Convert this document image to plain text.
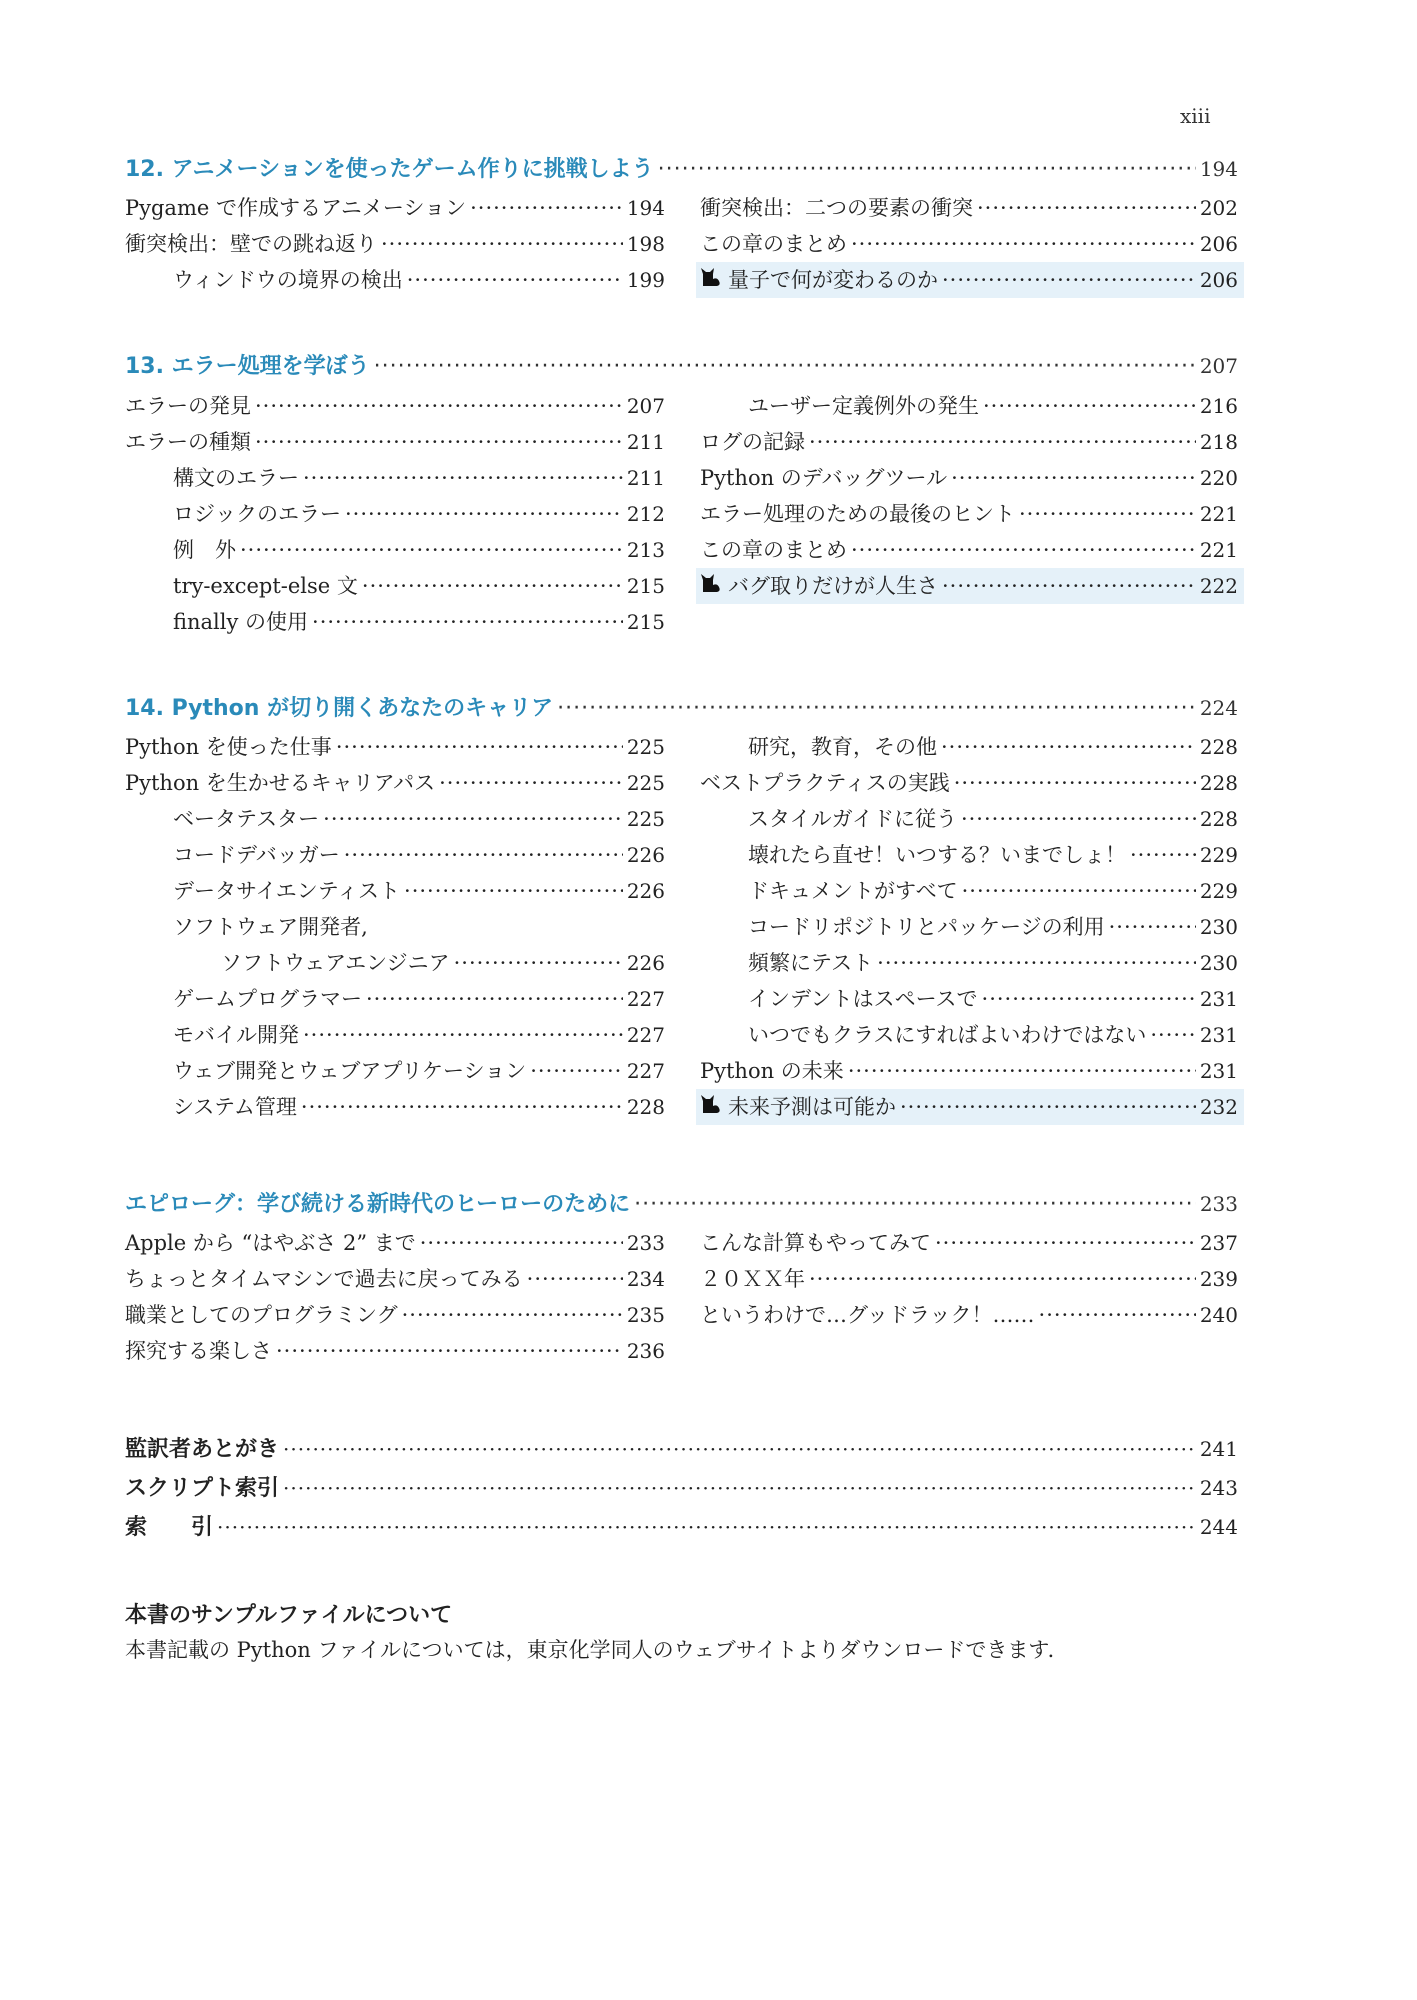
xiii
12. アニメーションを使ったゲーム作りに挑戦しよう ·····	194
Pygame で作成するアニメーション ·····	194
衝突検出：壁での跳ね返り ·····	198
ウィンドウの境界の検出 ·····	199
衝突検出：二つの要素の衝突 ·····	202
この章のまとめ ·····	206
量子で何が変わるのか ·····	206
13. エラー処理を学ぼう ·····	207
エラーの発見 ·····	207
エラーの種類 ·····	211
構文のエラー ·····	211
ロジックのエラー ·····	212
例　外 ·····	213
try-except-else 文 ·····	215
finally の使用 ·····	215
ユーザー定義例外の発生 ·····	216
ログの記録 ·····	218
Python のデバッグツール ·····	220
エラー処理のための最後のヒント ·····	221
この章のまとめ ·····	221
バグ取りだけが人生さ ·····	222
14. Python が切り開くあなたのキャリア ·····	224
Python を使った仕事 ·····	225
Python を生かせるキャリアパス ·····	225
ベータテスター ·····	225
コードデバッガー ·····	226
データサイエンティスト ·····	226
ソフトウェア開発者,
ソフトウェアエンジニア ·····	226
ゲームプログラマー ·····	227
モバイル開発 ·····	227
ウェブ開発とウェブアプリケーション ·····	227
システム管理 ·····	228
研究，教育，その他 ·····	228
ベストプラクティスの実践 ·····	228
スタイルガイドに従う ·····	228
壊れたら直せ！いつする？いまでしょ！ ·····	229
ドキュメントがすべて ·····	229
コードリポジトリとパッケージの利用 ·····	230
頻繁にテスト ·····	230
インデントはスペースで ·····	231
いつでもクラスにすればよいわけではない ·····	231
Python の未来 ·····	231
未来予測は可能か ·····	232
エピローグ：学び続ける新時代のヒーローのために ·····	233
Apple から “はやぶさ 2” まで ·····	233
ちょっとタイムマシンで過去に戻ってみる ·····	234
職業としてのプログラミング ·····	235
探究する楽しさ ·····	236
こんな計算もやってみて ·····	237
２０ＸＸ年 ·····	239
というわけで…グッドラック！…… ·····	240
監訳者あとがき ·····	241
スクリプト索引 ·····	243
索　　引 ·····	244
本書のサンプルファイルについて
本書記載の Python ファイルについては，東京化学同人のウェブサイトよりダウンロードできます．
